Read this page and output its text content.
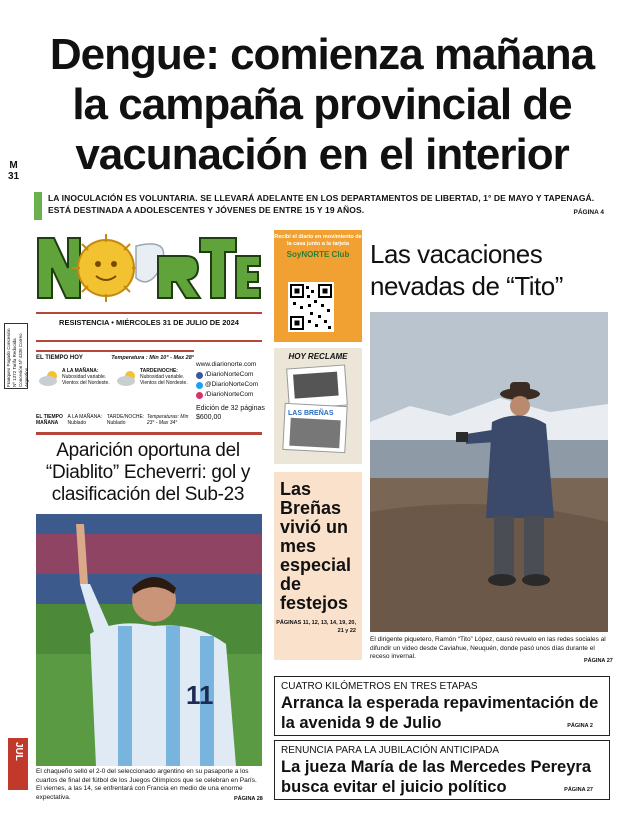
Dengue: comienza mañana
la campaña provincial de
vacunación en el interior
M
31
LA INOCULACIÓN ES VOLUNTARIA. SE LLEVARÁ ADELANTE EN LOS DEPARTAMENTOS DE LIBERTAD, 1° DE MAYO Y TAPENAGÁ. ESTÁ DESTINADA A ADOLESCENTES Y JÓVENES DE ENTRE 15 Y 19 AÑOS.	PÁGINA 4
RESISTENCIA • MIÉRCOLES 31 DE JULIO DE 2024
Franqueo Pagado Concesión Nº 1372 Tarifa Reducida Concesión Nº 4336 Correo Argentino
EL TIEMPO HOY	Temperatura : Min 10° - Max 28°
A LA MAÑANA:
Nubosidad variable. Vientos del Nordeste.
TARDE/NOCHE:
Nubosidad variable. Vientos del Nordeste.
EL TIEMPO MAÑANA
A LA MAÑANA: Nublado
TARDE/NOCHE: Nublado
Temperaturas: Min 23° - Max 34°
www.diarionorte.com
/DiarioNorteCom
@DiarioNorteCom
/DiarioNorteCom
Edición de 32 páginas
$600,00
Aparición oportuna del “Diablito” Echeverri: gol y clasificación del Sub-23
11
El chaqueño selló el 2-0 del seleccionado argentino en su pasaporte a los cuartos de final del fútbol de los Juegos Olímpicos que se celebran en París. El viernes, a las 14, se enfrentará con Francia en medio de una enorme expectativa.	PÁGINA 28
Recibí el diario en movimiento de la casa junto a la tarjeta
SoyNORTE Club
HOY RECLAME
LAS BREÑAS
Las Breñas vivió un mes especial de festejos
PÁGINAS 11, 12, 13, 14, 19, 20, 21 y 22
Las vacaciones nevadas de “Tito”
El dirigente piquetero, Ramón “Tito” López, causó revuelo en las redes sociales al difundir un video desde Caviahue, Neuquén, donde pasó unos días durante el receso invernal.
PÁGINA 27
CUATRO KILÓMETROS EN TRES ETAPAS
Arranca la esperada repavimentación de la avenida 9 de Julio	PÁGINA 2
RENUNCIA PARA LA JUBILACIÓN ANTICIPADA
La jueza María de las Mercedes Pereyra busca evitar el juicio político	PÁGINA 27
JUL
